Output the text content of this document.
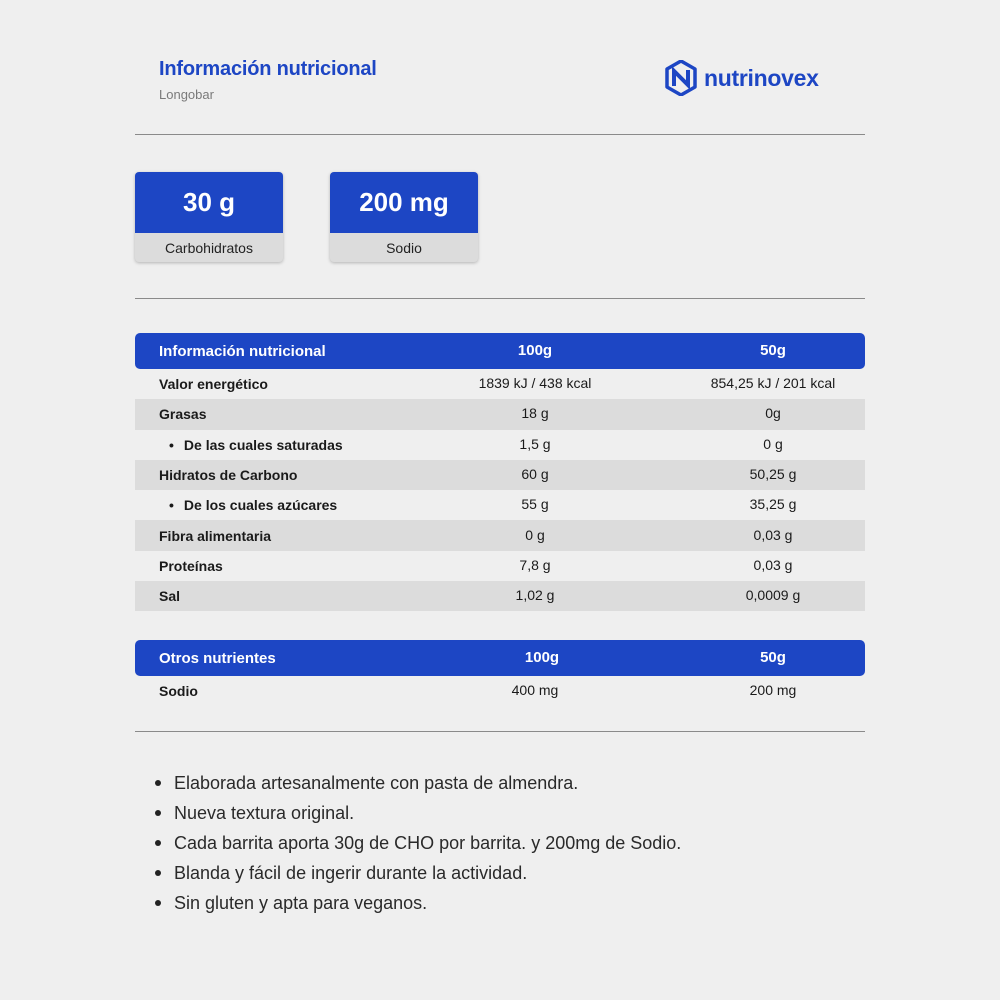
Información nutricional
Longobar
nutrinovex
30 g
Carbohidratos
200 mg
Sodio
Información nutricional	100g	50g
Valor energético	1839 kJ / 438 kcal	854,25 kJ / 201 kcal
Grasas	18 g	0g
• De las cuales saturadas	1,5 g	0 g
Hidratos de Carbono	60 g	50,25 g
• De los cuales azúcares	55 g	35,25 g
Fibra alimentaria	0 g	0,03 g
Proteínas	7,8 g	0,03 g
Sal	1,02 g	0,0009 g
Otros nutrientes	100g	50g
Sodio	400 mg	200 mg
Elaborada artesanalmente con pasta de almendra.
Nueva textura original.
Cada barrita aporta 30g de CHO por barrita. y 200mg de Sodio.
Blanda y fácil de ingerir durante la actividad.
Sin gluten y apta para veganos.
